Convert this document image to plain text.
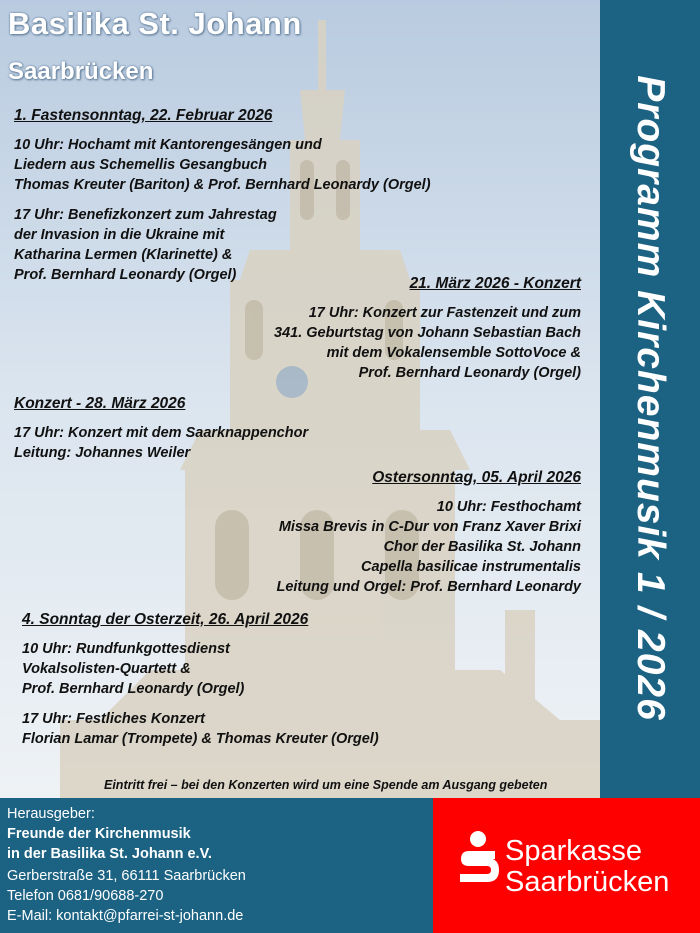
Basilika St. Johann
Saarbrücken
Programm Kirchenmusik 1 / 2026
1. Fastensonntag, 22. Februar 2026
10 Uhr: Hochamt mit Kantorengesängen und
Liedern aus Schemellis Gesangbuch
Thomas Kreuter (Bariton) & Prof. Bernhard Leonardy (Orgel)
17 Uhr: Benefizkonzert zum Jahrestag
der Invasion in die Ukraine mit
Katharina Lermen (Klarinette) &
Prof. Bernhard Leonardy (Orgel)	21. März 2026 - Konzert
17 Uhr: Konzert zur Fastenzeit und zum
341. Geburtstag von Johann Sebastian Bach
mit dem Vokalensemble SottoVoce &
Prof. Bernhard Leonardy (Orgel)
Konzert - 28. März 2026
17 Uhr: Konzert mit dem Saarknappenchor
Leitung: Johannes Weiler
Ostersonntag, 05. April 2026
10 Uhr: Festhochamt
Missa Brevis in C-Dur von Franz Xaver Brixi
Chor der Basilika St. Johann
Capella basilicae instrumentalis
Leitung und Orgel: Prof. Bernhard Leonardy
4. Sonntag der Osterzeit, 26. April 2026
10 Uhr: Rundfunkgottesdienst
Vokalsolisten-Quartett &
Prof. Bernhard Leonardy (Orgel)
17 Uhr: Festliches Konzert
Florian Lamar (Trompete) & Thomas Kreuter (Orgel)
Eintritt frei – bei den Konzerten wird um eine Spende am Ausgang gebeten
Herausgeber:
Freunde der Kirchenmusik
in der Basilika St. Johann e.V.
Gerberstraße 31, 66111 Saarbrücken
Telefon 0681/90688-270
E-Mail: kontakt@pfarrei-st-johann.de
Sparkasse
Saarbrücken
